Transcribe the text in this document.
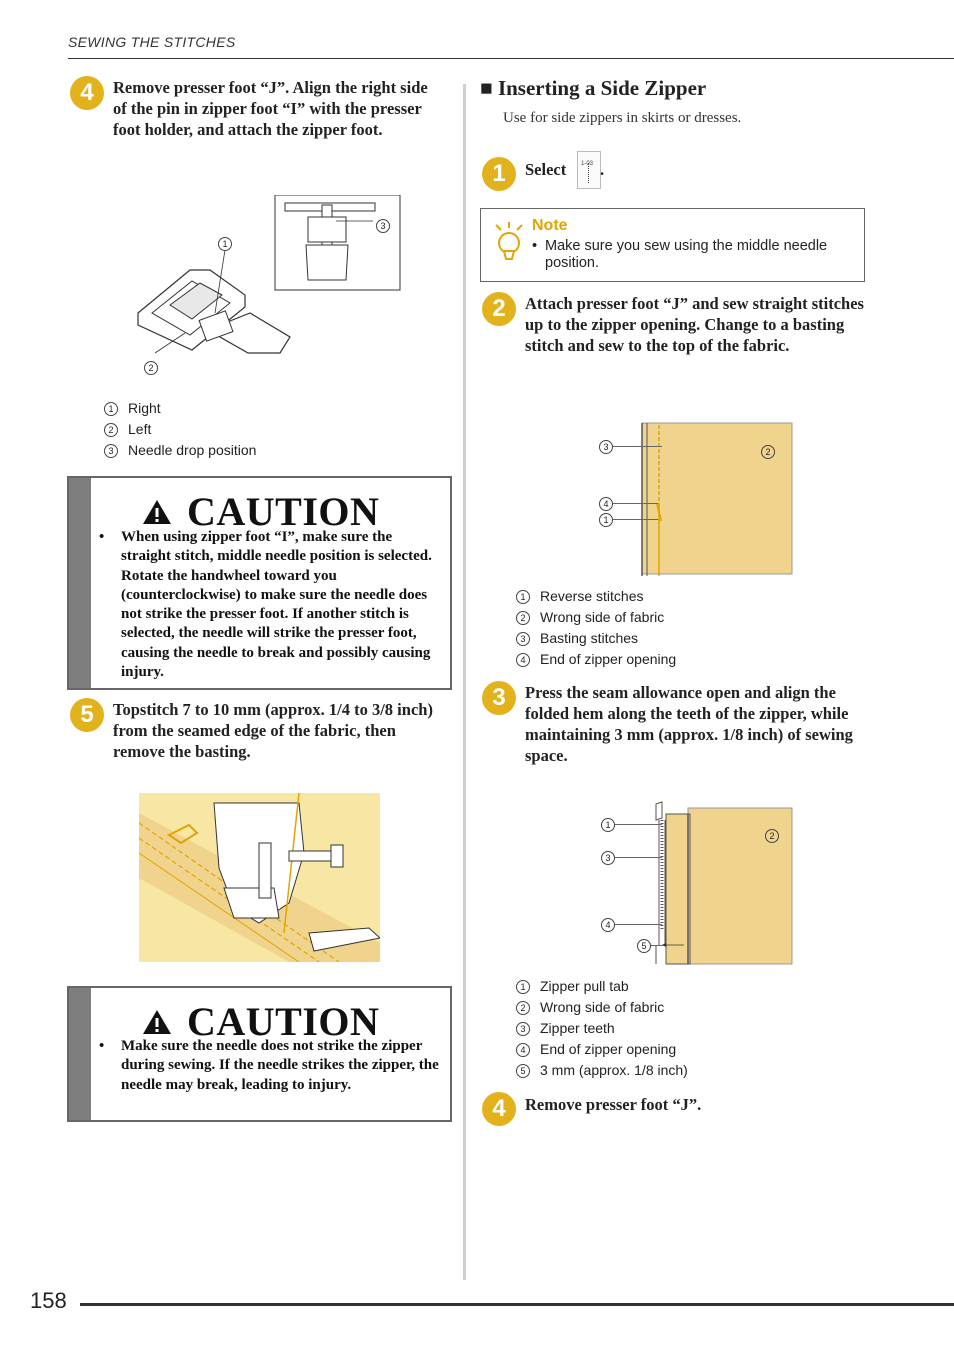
SEWING THE STITCHES
4	Remove presser foot “J”. Align the right side of the pin in zipper foot “I” with the presser foot holder, and attach the zipper foot.
1
2
3
1 Right
2 Left
3 Needle drop position
CAUTION
•	When using zipper foot “I”, make sure the straight stitch, middle needle position is selected. Rotate the handwheel toward you (counterclockwise) to make sure the needle does not strike the presser foot. If another stitch is selected, the needle will strike the presser foot, causing the needle to break and possibly causing injury.
5	Topstitch 7 to 10 mm (approx. 1/4 to 3/8 inch) from the seamed edge of the fabric, then remove the basting.
CAUTION
•	Make sure the needle does not strike the zipper during sewing. If the needle strikes the zipper, the needle may break, leading to injury.
■ Inserting a Side Zipper
Use for side zippers in skirts or dresses.
1	Select 1-03 .
Note
• Make sure you sew using the middle needle position.
2	Attach presser foot “J” and sew straight stitches up to the zipper opening. Change to a basting stitch and sew to the top of the fabric.
3	2
4
1
1 Reverse stitches
2 Wrong side of fabric
3 Basting stitches
4 End of zipper opening
3	Press the seam allowance open and align the folded hem along the teeth of the zipper, while maintaining 3 mm (approx. 1/8 inch) of sewing space.
1
2
3
4
5
1 Zipper pull tab
2 Wrong side of fabric
3 Zipper teeth
4 End of zipper opening
5 3 mm (approx. 1/8 inch)
4	Remove presser foot “J”.
158
